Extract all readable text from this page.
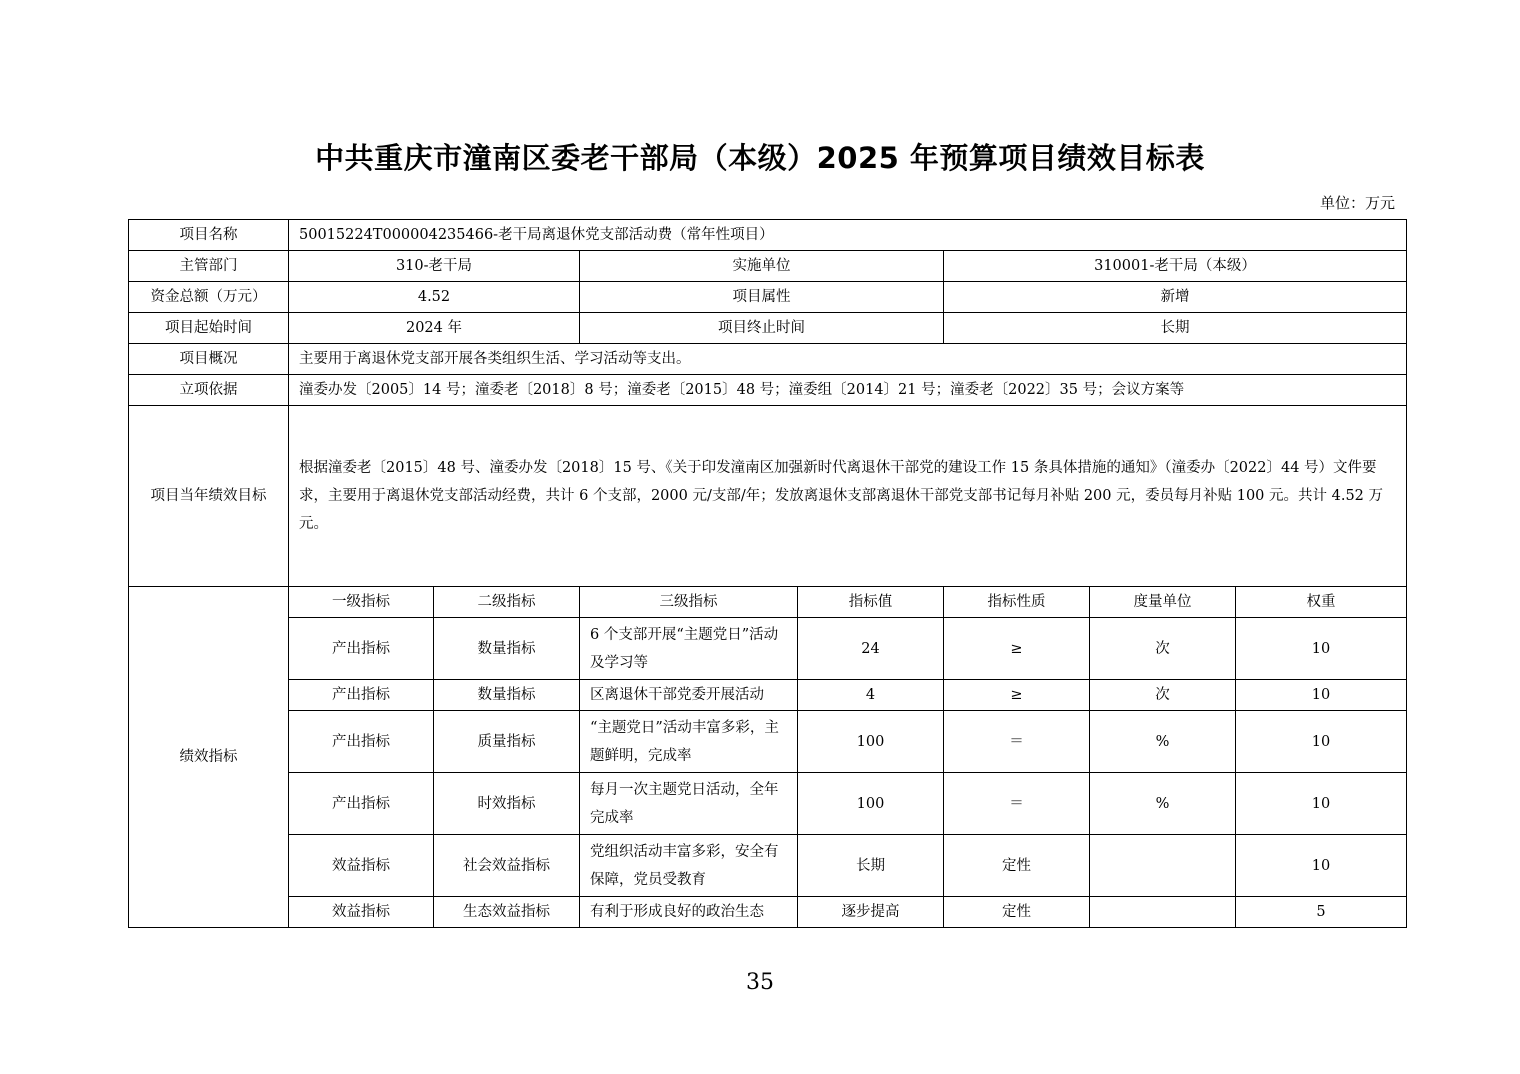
中共重庆市潼南区委老干部局（本级）2025 年预算项目绩效目标表
单位：万元
项目名称	50015224T000004235466-老干局离退休党支部活动费（常年性项目）						
主管部门	310-老干局		实施单位		310001-老干局（本级）		
资金总额（万元）	4.52		项目属性		新增		
项目起始时间	2024 年		项目终止时间		长期		
项目概况	主要用于离退休党支部开展各类组织生活、学习活动等支出。						
立项依据	潼委办发〔2005〕14 号；潼委老〔2018〕8 号；潼委老〔2015〕48 号；潼委组〔2014〕21 号；潼委老〔2022〕35 号；会议方案等						
项目当年绩效目标	根据潼委老〔2015〕48 号、潼委办发〔2018〕15 号、《关于印发潼南区加强新时代离退休干部党的建设工作 15 条具体措施的通知》（潼委办〔2022〕44 号）文件要求，主要用于离退休党支部活动经费，共计 6 个支部，2000 元/支部/年；发放离退休支部离退休干部党支部书记每月补贴 200 元，委员每月补贴 100 元。共计 4.52 万元。						
绩效指标	一级指标	二级指标	三级指标	指标值	指标性质	度量单位	权重
	产出指标	数量指标	6 个支部开展“主题党日”活动及学习等	24	≥	次	10
	产出指标	数量指标	区离退休干部党委开展活动	4	≥	次	10
	产出指标	质量指标	“主题党日”活动丰富多彩，主题鲜明，完成率	100	＝	%	10
	产出指标	时效指标	每月一次主题党日活动，全年完成率	100	＝	%	10
	效益指标	社会效益指标	党组织活动丰富多彩，安全有保障，党员受教育	长期	定性		10
	效益指标	生态效益指标	有利于形成良好的政治生态	逐步提高	定性		5
35
